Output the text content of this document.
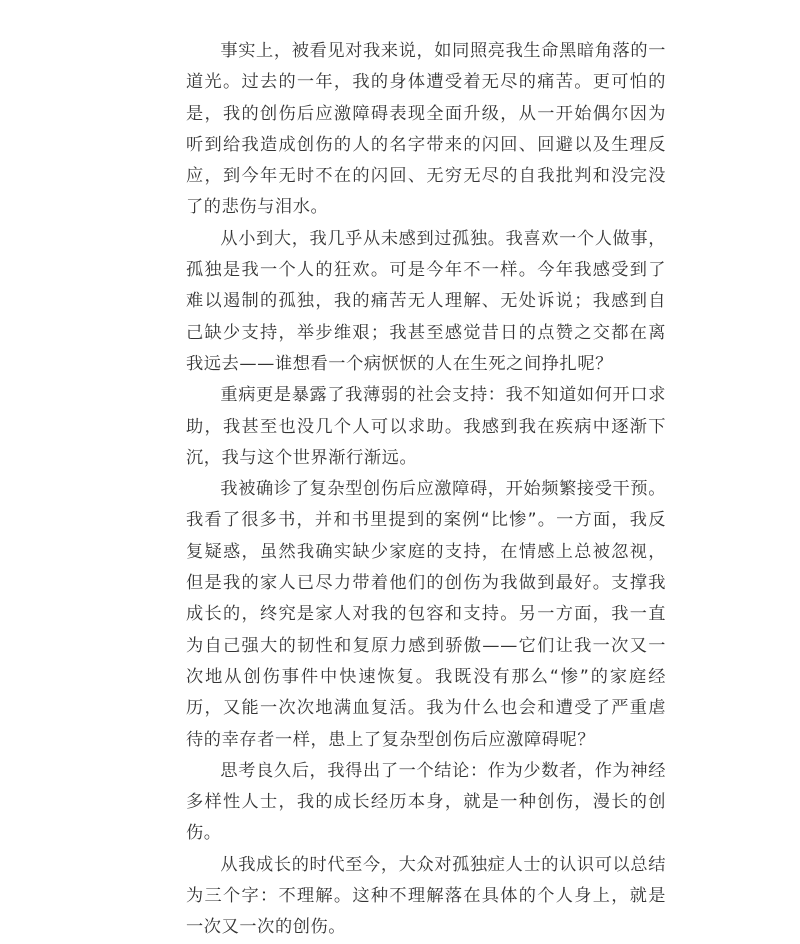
事实上，被看见对我来说，如同照亮我生命黑暗角落的一道光。过去的一年，我的身体遭受着无尽的痛苦。更可怕的是，我的创伤后应激障碍表现全面升级，从一开始偶尔因为听到给我造成创伤的人的名字带来的闪回、回避以及生理反应，到今年无时不在的闪回、无穷无尽的自我批判和没完没了的悲伤与泪水。

从小到大，我几乎从未感到过孤独。我喜欢一个人做事，孤独是我一个人的狂欢。可是今年不一样。今年我感受到了难以遏制的孤独，我的痛苦无人理解、无处诉说；我感到自己缺少支持，举步维艰；我甚至感觉昔日的点赞之交都在离我远去——谁想看一个病恹恹的人在生死之间挣扎呢？

重病更是暴露了我薄弱的社会支持：我不知道如何开口求助，我甚至也没几个人可以求助。我感到我在疾病中逐渐下沉，我与这个世界渐行渐远。

我被确诊了复杂型创伤后应激障碍，开始频繁接受干预。我看了很多书，并和书里提到的案例“比惨”。一方面，我反复疑惑，虽然我确实缺少家庭的支持，在情感上总被忽视，但是我的家人已尽力带着他们的创伤为我做到最好。支撑我成长的，终究是家人对我的包容和支持。另一方面，我一直为自己强大的韧性和复原力感到骄傲——它们让我一次又一次地从创伤事件中快速恢复。我既没有那么“惨”的家庭经历，又能一次次地满血复活。我为什么也会和遭受了严重虐待的幸存者一样，患上了复杂型创伤后应激障碍呢？

思考良久后，我得出了一个结论：作为少数者，作为神经多样性人士，我的成长经历本身，就是一种创伤，漫长的创伤。

从我成长的时代至今，大众对孤独症人士的认识可以总结为三个字：不理解。这种不理解落在具体的个人身上，就是一次又一次的创伤。
